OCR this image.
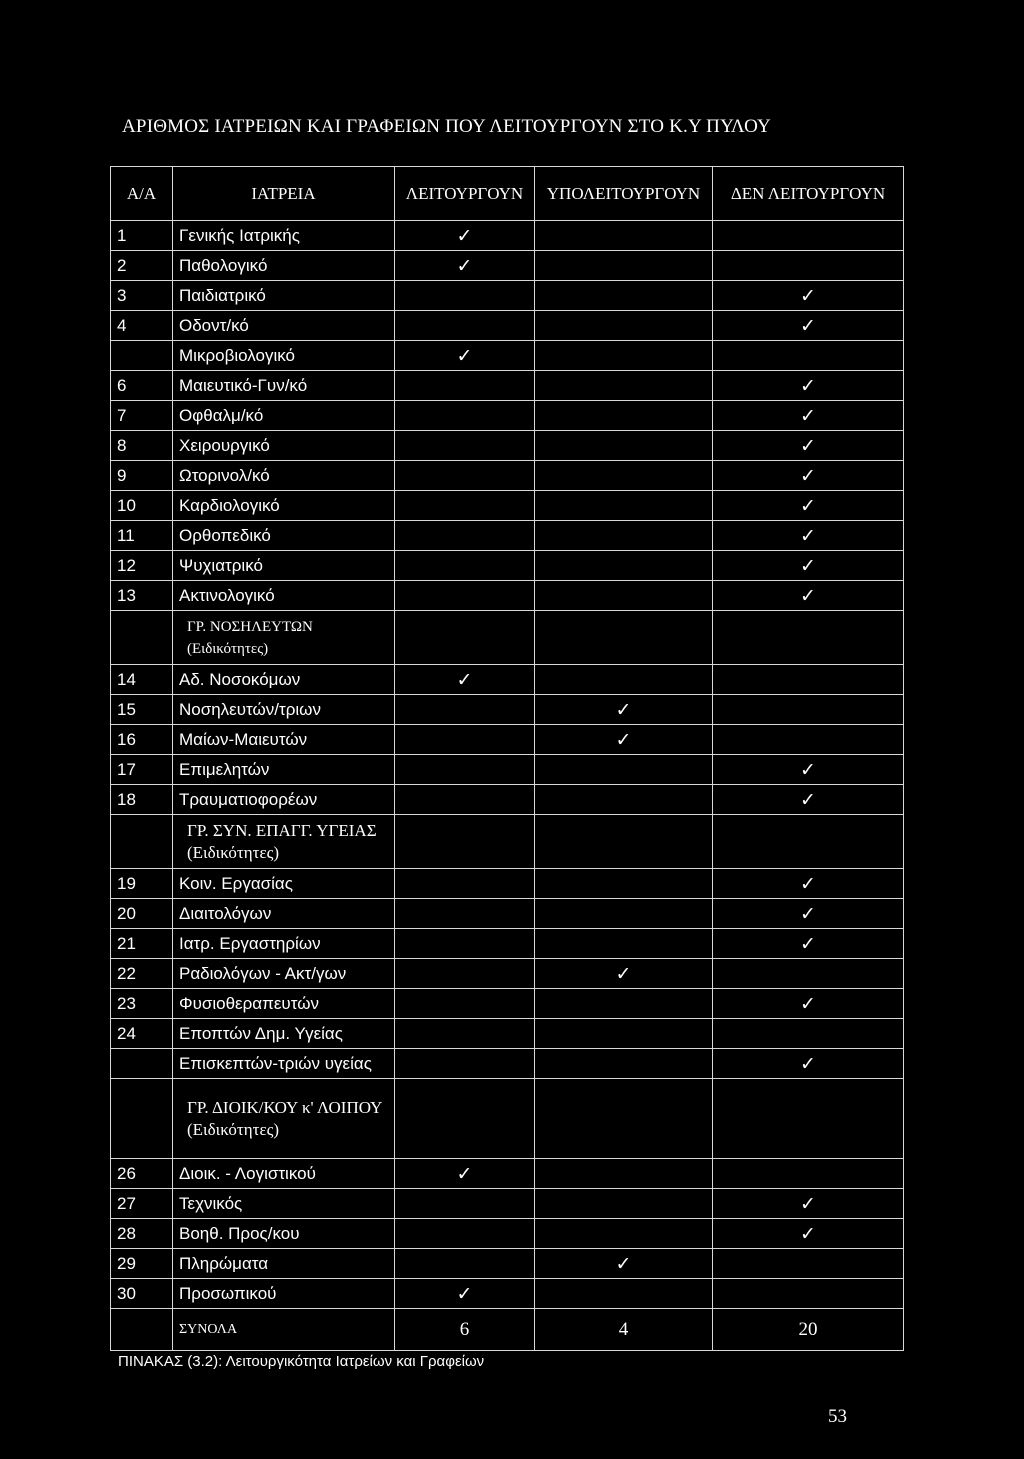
ΑΡΙΘΜΟΣ ΙΑΤΡΕΙΩΝ ΚΑΙ ΓΡΑΦΕΙΩΝ ΠΟΥ ΛΕΙΤΟΥΡΓΟΥΝ ΣΤΟ Κ.Υ ΠΥΛΟΥ
Α/Α	ΙΑΤΡΕΙΑ	ΛΕΙΤΟΥΡΓΟΥΝ	ΥΠΟΛΕΙΤΟΥΡΓΟΥΝ	ΔΕΝ ΛΕΙΤΟΥΡΓΟΥΝ
1	Γενικής Ιατρικής	✓		
2	Παθολογικό	✓		
3	Παιδιατρικό			✓
4	Οδοντ/κό			✓
	Μικροβιολογικό	✓		
6	Μαιευτικό-Γυν/κό			✓
7	Οφθαλμ/κό			✓
8	Χειρουργικό			✓
9	Ωτορινολ/κό			✓
10	Καρδιολογικό			✓
11	Ορθοπεδικό			✓
12	Ψυχιατρικό			✓
13	Ακτινολογικό			✓
	ΓΡ. ΝΟΣΗΛΕΥΤΩΝ (Ειδικότητες)			
14	Αδ. Νοσοκόμων	✓		
15	Νοσηλευτών/τριων		✓	
16	Μαίων-Μαιευτών		✓	
17	Επιμελητών			✓
18	Τραυματιοφορέων			✓
	ΓΡ. ΣΥΝ. ΕΠΑΓΓ. ΥΓΕΙΑΣ (Ειδικότητες)			
19	Κοιν. Εργασίας			✓
20	Διαιτολόγων			✓
21	Ιατρ. Εργαστηρίων			✓
22	Ραδιολόγων - Ακτ/γων		✓	
23	Φυσιοθεραπευτών			✓
24	Εποπτών Δημ. Υγείας			
	Επισκεπτών-τριών υγείας			✓
	ΓΡ. ΔΙΟΙΚ/ΚΟΥ κ' ΛΟΙΠΟΥ (Ειδικότητες)			
26	Διοικ. - Λογιστικού	✓		
27	Τεχνικός			✓
28	Βοηθ. Προς/κου			✓
29	Πληρώματα		✓	
30	Προσωπικού	✓		
	ΣΥΝΟΛΑ	6	4	20
ΠΙΝΑΚΑΣ (3.2): Λειτουργικότητα Ιατρείων και Γραφείων
53
